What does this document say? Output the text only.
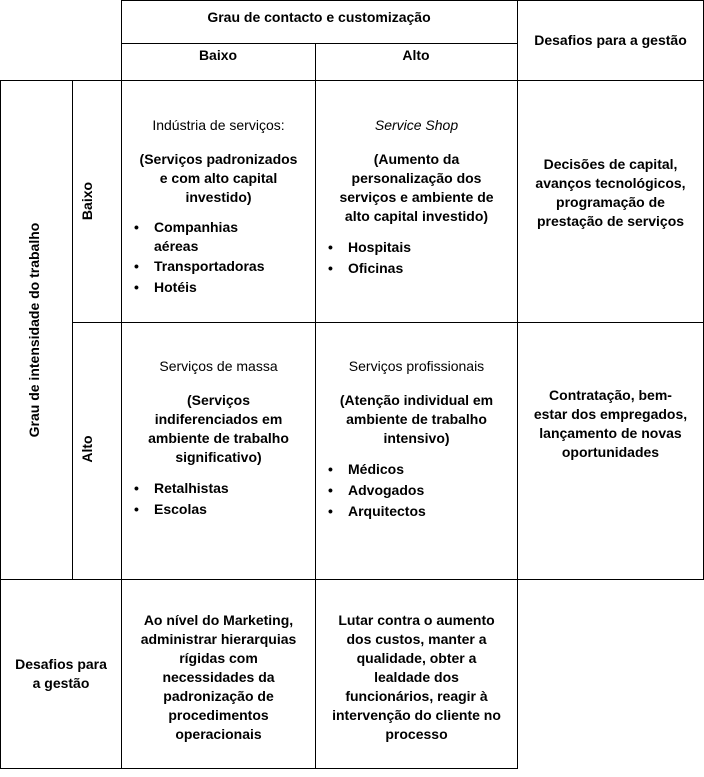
Grau de contacto e customização
Desafios para a gestão
Baixo	Alto
Grau de intensidade do trabalho
Baixo
Alto
Indústria de serviços:
(Serviços padronizados
e com alto capital
investido)
• Companhias aéreas
• Transportadoras
• Hotéis
Service Shop
(Aumento da
personalização dos
serviços e ambiente de
alto capital investido)
• Hospitais
• Oficinas
Decisões de capital,
avanços tecnológicos,
programação de
prestação de serviços
Serviços de massa
(Serviços
indiferenciados em
ambiente de trabalho
significativo)
• Retalhistas
• Escolas
Serviços profissionais
(Atenção individual em
ambiente de trabalho
intensivo)
• Médicos
• Advogados
• Arquitectos
Contratação, bem-
estar dos empregados,
lançamento de novas
oportunidades
Desafios para
a gestão
Ao nível do Marketing,
administrar hierarquias
rígidas com
necessidades da
padronização de
procedimentos
operacionais
Lutar contra o aumento
dos custos, manter a
qualidade, obter a
lealdade dos
funcionários, reagir à
intervenção do cliente no
processo
